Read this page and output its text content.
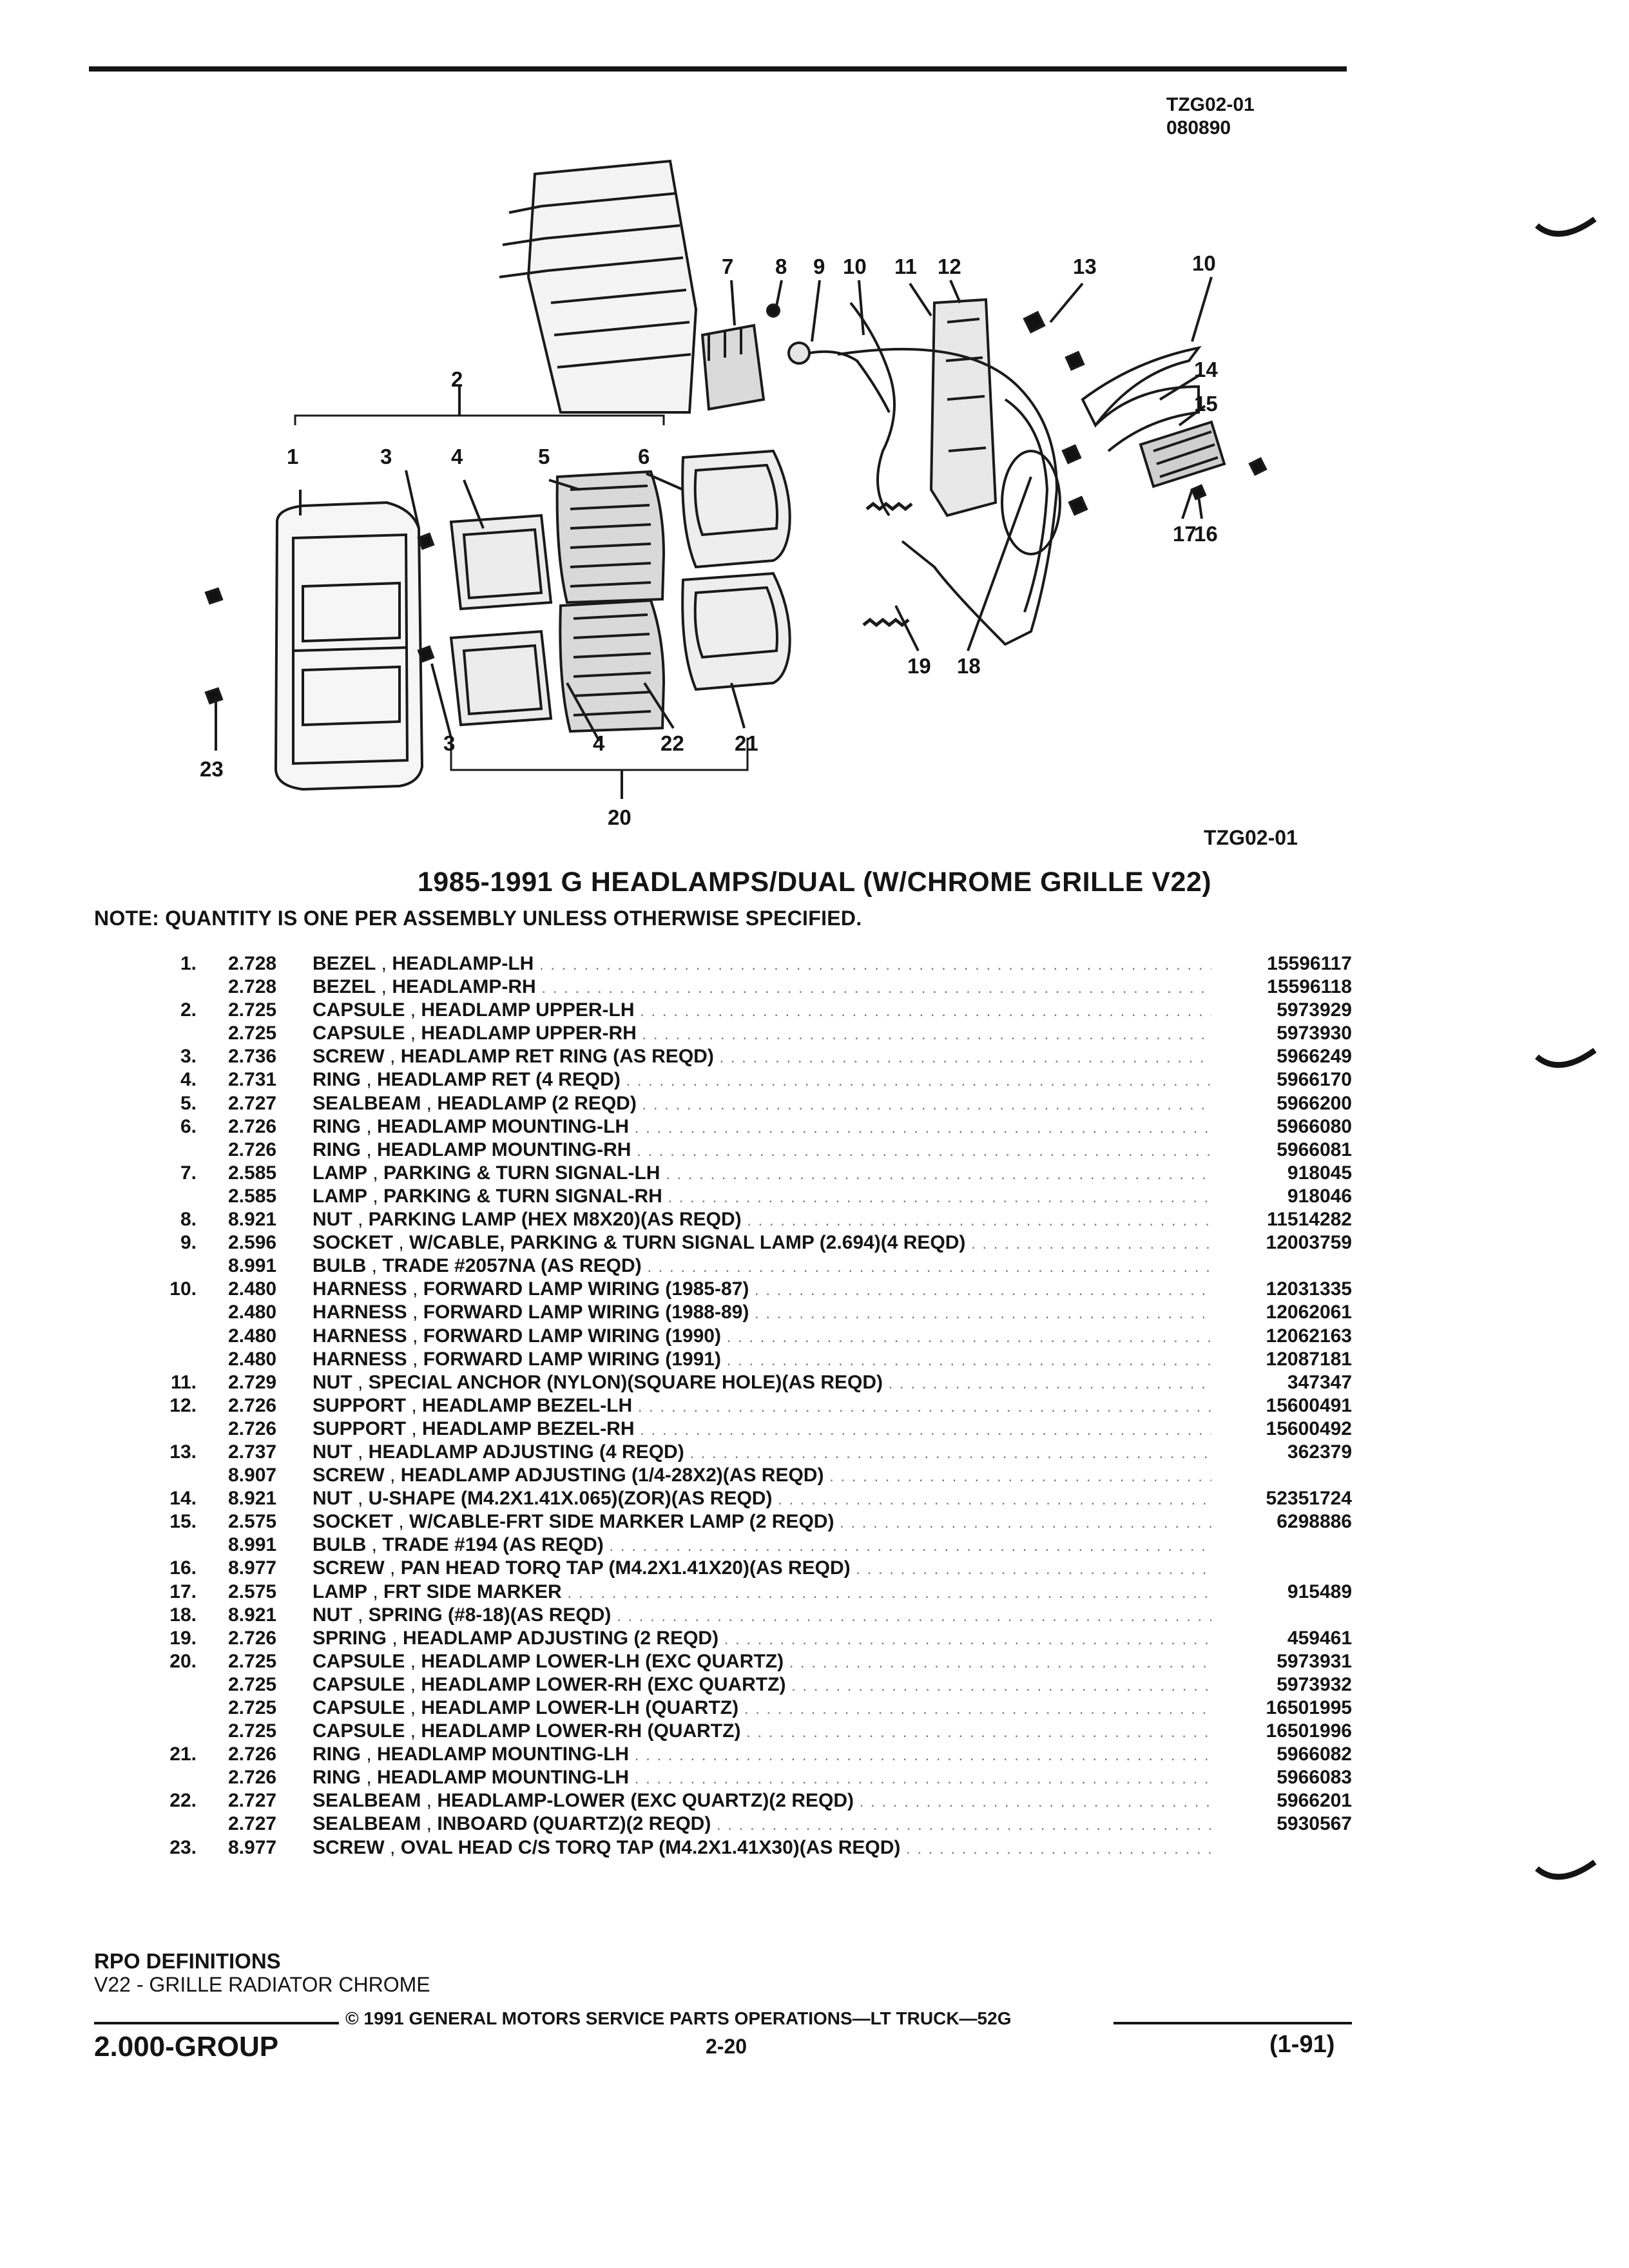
TZG02-01
080890
7 8 9 10 11 12	13	10
14
15
2
1	3	4	5	6
17
16
19 18
23
3	4	22 21
20
TZG02-01
1985-1991 G HEADLAMPS/DUAL (W/CHROME GRILLE V22)
NOTE: QUANTITY IS ONE PER ASSEMBLY UNLESS OTHERWISE SPECIFIED.
1. 2.728 BEZEL , HEADLAMP-LH . . .	15596117
2.728 BEZEL , HEADLAMP-RH . . .	15596118
2. 2.725 CAPSULE , HEADLAMP UPPER-LH . . .	5973929
2.725 CAPSULE , HEADLAMP UPPER-RH . . .	5973930
3. 2.736 SCREW , HEADLAMP RET RING (AS REQD) . . .	5966249
4. 2.731 RING , HEADLAMP RET (4 REQD) . . .	5966170
5. 2.727 SEALBEAM , HEADLAMP (2 REQD) . . .	5966200
6. 2.726 RING , HEADLAMP MOUNTING-LH . . .	5966080
2.726 RING , HEADLAMP MOUNTING-RH . . .	5966081
7. 2.585 LAMP , PARKING & TURN SIGNAL-LH . . .	918045
2.585 LAMP , PARKING & TURN SIGNAL-RH . . .	918046
8. 8.921 NUT , PARKING LAMP (HEX M8X20)(AS REQD) . . .	11514282
9. 2.596 SOCKET , W/CABLE, PARKING & TURN SIGNAL LAMP (2.694)(4 REQD) . . .	12003759
8.991 BULB , TRADE #2057NA (AS REQD) . . .
10. 2.480 HARNESS , FORWARD LAMP WIRING (1985-87) . . .	12031335
2.480 HARNESS , FORWARD LAMP WIRING (1988-89) . . .	12062061
2.480 HARNESS , FORWARD LAMP WIRING (1990) . . .	12062163
2.480 HARNESS , FORWARD LAMP WIRING (1991) . . .	12087181
11. 2.729 NUT , SPECIAL ANCHOR (NYLON)(SQUARE HOLE)(AS REQD) . . .	347347
12. 2.726 SUPPORT , HEADLAMP BEZEL-LH . . .	15600491
2.726 SUPPORT , HEADLAMP BEZEL-RH . . .	15600492
13. 2.737 NUT , HEADLAMP ADJUSTING (4 REQD) . . .	362379
8.907 SCREW , HEADLAMP ADJUSTING (1/4-28X2)(AS REQD) . . .
14. 8.921 NUT , U-SHAPE (M4.2X1.41X.065)(ZOR)(AS REQD) . . .	52351724
15. 2.575 SOCKET , W/CABLE-FRT SIDE MARKER LAMP (2 REQD) . . .	6298886
8.991 BULB , TRADE #194 (AS REQD) . . .
16. 8.977 SCREW , PAN HEAD TORQ TAP (M4.2X1.41X20)(AS REQD) . . .
17. 2.575 LAMP , FRT SIDE MARKER . . .	915489
18. 8.921 NUT , SPRING (#8-18)(AS REQD) . . .
19. 2.726 SPRING , HEADLAMP ADJUSTING (2 REQD) . . .	459461
20. 2.725 CAPSULE , HEADLAMP LOWER-LH (EXC QUARTZ) . . .	5973931
2.725 CAPSULE , HEADLAMP LOWER-RH (EXC QUARTZ) . . .	5973932
2.725 CAPSULE , HEADLAMP LOWER-LH (QUARTZ) . . .	16501995
2.725 CAPSULE , HEADLAMP LOWER-RH (QUARTZ) . . .	16501996
21. 2.726 RING , HEADLAMP MOUNTING-LH . . .	5966082
2.726 RING , HEADLAMP MOUNTING-LH . . .	5966083
22. 2.727 SEALBEAM , HEADLAMP-LOWER (EXC QUARTZ)(2 REQD) . . .	5966201
2.727 SEALBEAM , INBOARD (QUARTZ)(2 REQD) . . .	5930567
23. 8.977 SCREW , OVAL HEAD C/S TORQ TAP (M4.2X1.41X30)(AS REQD) . . .
RPO DEFINITIONS
V22 - GRILLE RADIATOR CHROME
© 1991 GENERAL MOTORS SERVICE PARTS OPERATIONS—LT TRUCK—52G
2.000-GROUP	2-20	(1-91)
